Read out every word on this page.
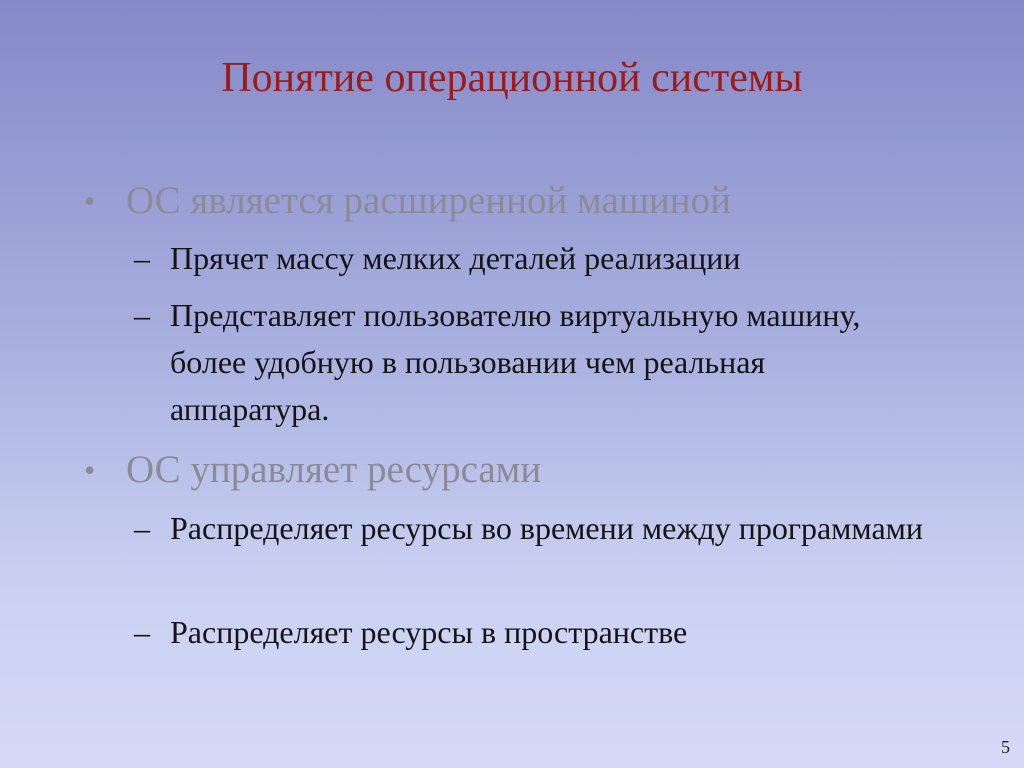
Понятие операционной системы
• ОС является расширенной машиной
– Прячет массу мелких деталей реализации
– Представляет пользователю виртуальную машину, более удобную в пользовании чем реальная аппаратура.
• ОС управляет ресурсами
– Распределяет ресурсы во времени между программами
– Распределяет ресурсы в пространстве
5
